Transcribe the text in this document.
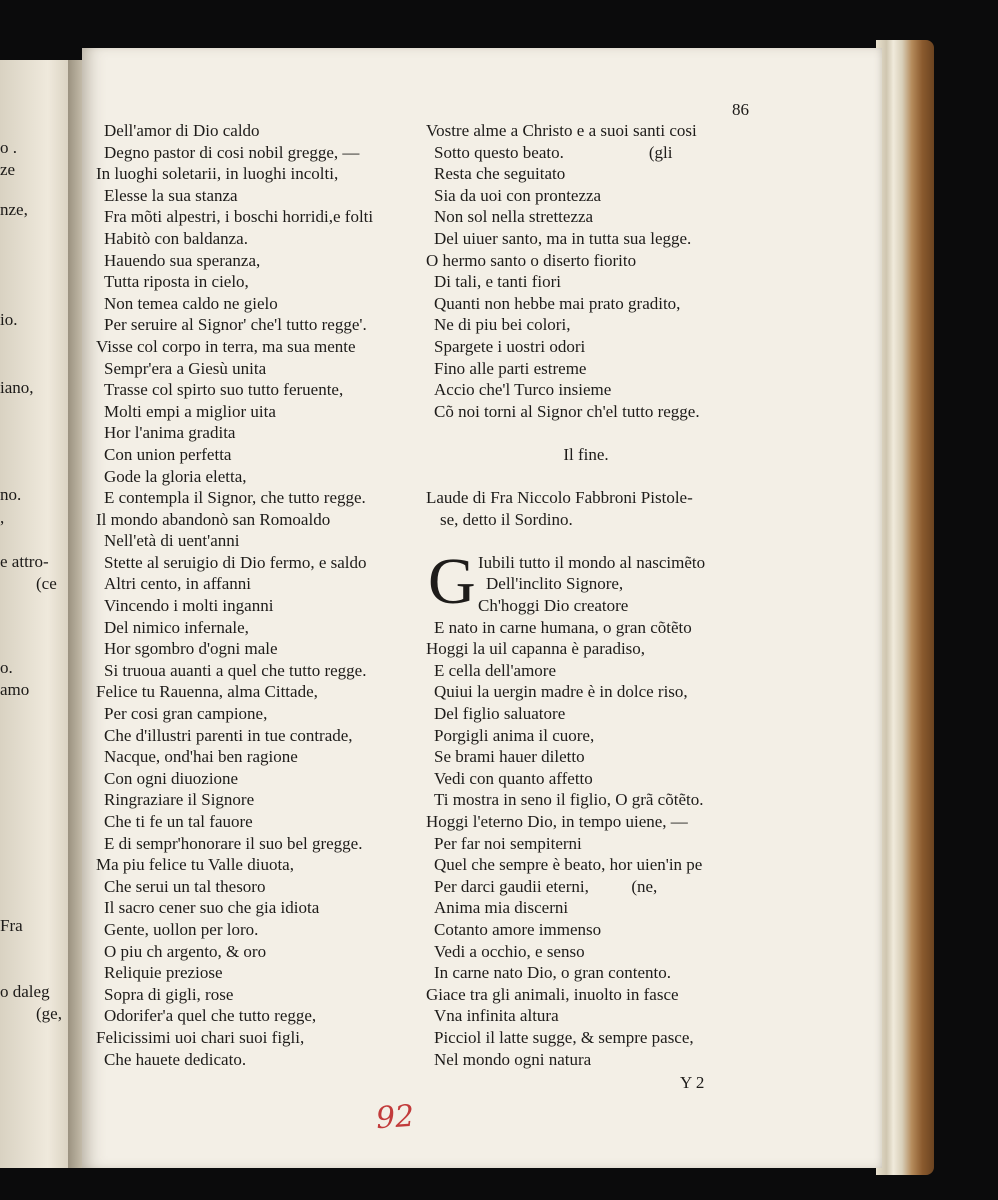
o .
ze
nze,
io.
iano,
no.
,
e attro-
(ce
o.
amo
Fra
o daleg
(ge,
86
Dell'amor di Dio caldo
Degno pastor di cosi nobil gregge, —
In luoghi soletarii, in luoghi incolti,
Elesse la sua stanza
Fra mõti alpestri, i boschi horridi,e folti
Habitò con baldanza.
Hauendo sua speranza,
Tutta riposta in cielo,
Non temea caldo ne gielo
Per seruire al Signor' che'l tutto regge'.
Visse col corpo in terra, ma sua mente
Sempr'era a Giesù unita
Trasse col spirto suo tutto feruente,
Molti empi a miglior uita
Hor l'anima gradita
Con union perfetta
Gode la gloria eletta,
E contempla il Signor, che tutto regge.
Il mondo abandonò san Romoaldo
Nell'età di uent'anni
Stette al seruigio di Dio fermo, e saldo
Altri cento, in affanni
Vincendo i molti inganni
Del nimico infernale,
Hor sgombro d'ogni male
Si truoua auanti a quel che tutto regge.
Felice tu Rauenna, alma Cittade,
Per cosi gran campione,
Che d'illustri parenti in tue contrade,
Nacque, ond'hai ben ragione
Con ogni diuozione
Ringraziare il Signore
Che ti fe un tal fauore
E di sempr'honorare il suo bel gregge.
Ma piu felice tu Valle diuota,
Che serui un tal thesoro
Il sacro cener suo che gia idiota
Gente, uollon per loro.
O piu ch argento, & oro
Reliquie preziose
Sopra di gigli, rose
Odorifer'a quel che tutto regge,
Felicissimi uoi chari suoi figli,
Che hauete dedicato.
Vostre alme a Christo e a suoi santi cosi
Sotto questo beato.                    (gli
Resta che seguitato
Sia da uoi con prontezza
Non sol nella strettezza
Del uiuer santo, ma in tutta sua legge.
O hermo santo o diserto fiorito
Di tali, e tanti fiori
Quanti non hebbe mai prato gradito,
Ne di piu bei colori,
Spargete i uostri odori
Fino alle parti estreme
Accio che'l Turco insieme
Cõ noi torni al Signor ch'el tutto regge.
Il fine.
Laude di Fra Niccolo Fabbroni Pistole-
se, detto il Sordino.
G Iubili tutto il mondo al nascimẽto
Dell'inclito Signore,
Ch'hoggi Dio creatore
E nato in carne humana, o gran cõtẽto
Hoggi la uil capanna è paradiso,
E cella dell'amore
Quiui la uergin madre è in dolce riso,
Del figlio saluatore
Porgigli anima il cuore,
Se brami hauer diletto
Vedi con quanto affetto
Ti mostra in seno il figlio, O grã cõtẽto.
Hoggi l'eterno Dio, in tempo uiene, —
Per far noi sempiterni
Quel che sempre è beato, hor uien'in pe
Per darci gaudii eterni,          (ne,
Anima mia discerni
Cotanto amore immenso
Vedi a occhio, e senso
In carne nato Dio, o gran contento.
Giace tra gli animali, inuolto in fasce
Vna infinita altura
Picciol il latte sugge, & sempre pasce,
Nel mondo ogni natura
Y 2
92
